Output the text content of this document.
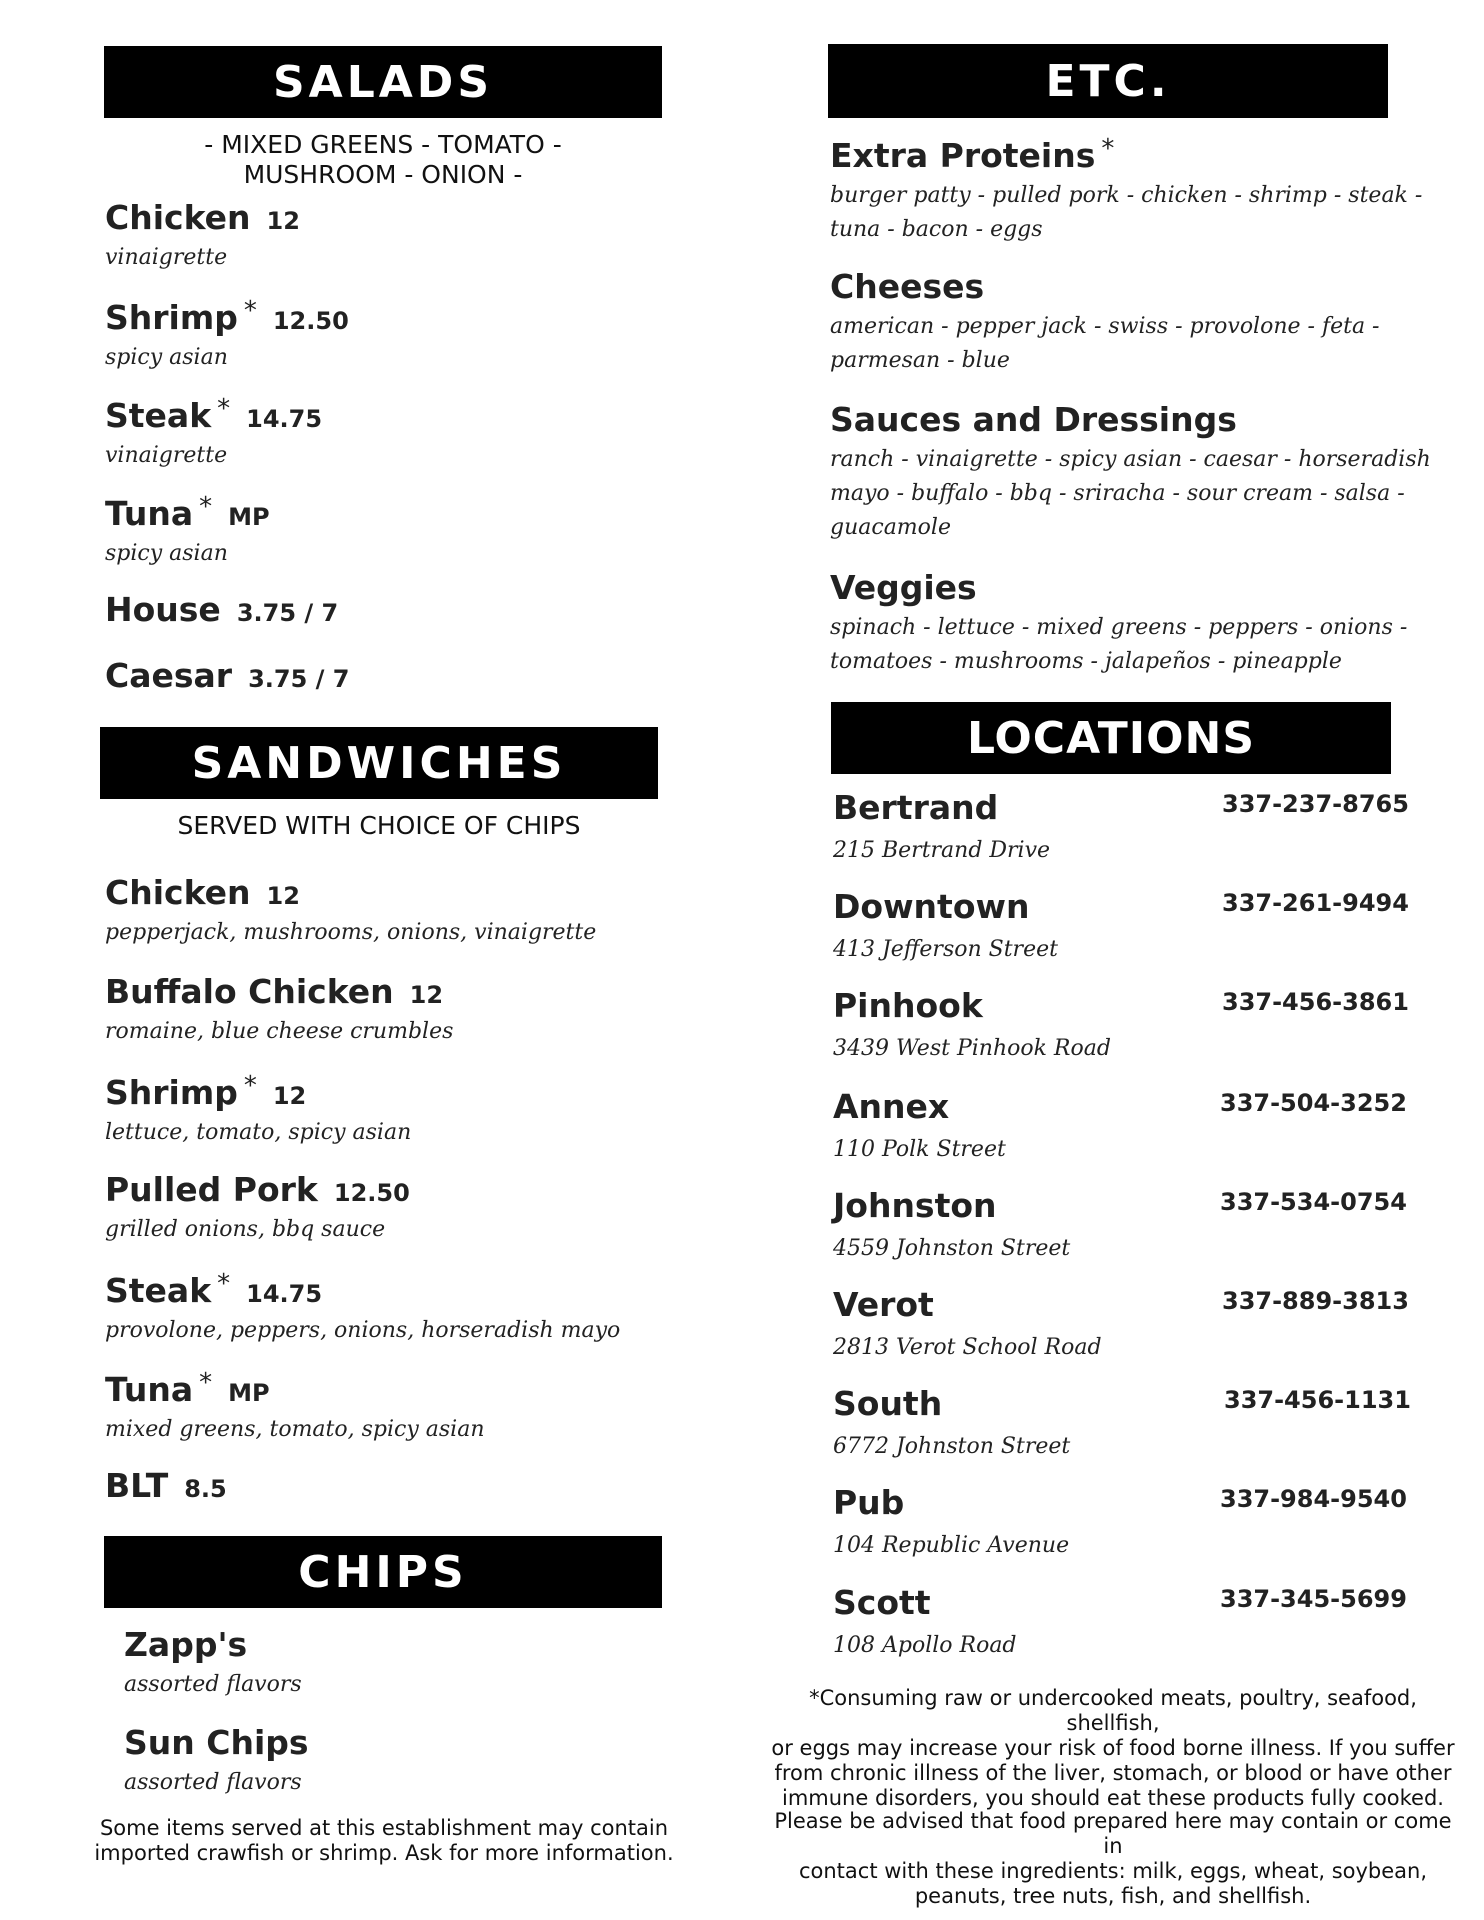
SALADS
- MIXED GREENS - TOMATO -
MUSHROOM - ONION -
Chicken 12
vinaigrette
Shrimp * 12.50
spicy asian
Steak * 14.75
vinaigrette
Tuna * MP
spicy asian
House 3.75 / 7
Caesar 3.75 / 7
SANDWICHES
SERVED WITH CHOICE OF CHIPS
Chicken 12
pepperjack, mushrooms, onions, vinaigrette
Buffalo Chicken 12
romaine, blue cheese crumbles
Shrimp * 12
lettuce, tomato, spicy asian
Pulled Pork 12.50
grilled onions, bbq sauce
Steak * 14.75
provolone, peppers, onions, horseradish mayo
Tuna * MP
mixed greens, tomato, spicy asian
BLT 8.5
CHIPS
Zapp's
assorted flavors
Sun Chips
assorted flavors
Some items served at this establishment may contain
imported crawfish or shrimp. Ask for more information.
ETC.
Extra Proteins *
burger patty - pulled pork - chicken - shrimp - steak -
tuna - bacon - eggs
Cheeses
american - pepper jack - swiss - provolone - feta -
parmesan - blue
Sauces and Dressings
ranch - vinaigrette - spicy asian - caesar - horseradish
mayo - buffalo - bbq - sriracha - sour cream - salsa -
guacamole
Veggies
spinach - lettuce - mixed greens - peppers - onions -
tomatoes - mushrooms - jalapeños - pineapple
LOCATIONS
Bertrand	337-237-8765
215 Bertrand Drive
Downtown	337-261-9494
413 Jefferson Street
Pinhook	337-456-3861
3439 West Pinhook Road
Annex	337-504-3252
110 Polk Street
Johnston	337-534-0754
4559 Johnston Street
Verot	337-889-3813
2813 Verot School Road
South	337-456-1131
6772 Johnston Street
Pub	337-984-9540
104 Republic Avenue
Scott	337-345-5699
108 Apollo Road
*Consuming raw or undercooked meats, poultry, seafood, shellfish,
or eggs may increase your risk of food borne illness. If you suffer
from chronic illness of the liver, stomach, or blood or have other
immune disorders, you should eat these products fully cooked.
Please be advised that food prepared here may contain or come in
contact with these ingredients: milk, eggs, wheat, soybean,
peanuts, tree nuts, fish, and shellfish.
